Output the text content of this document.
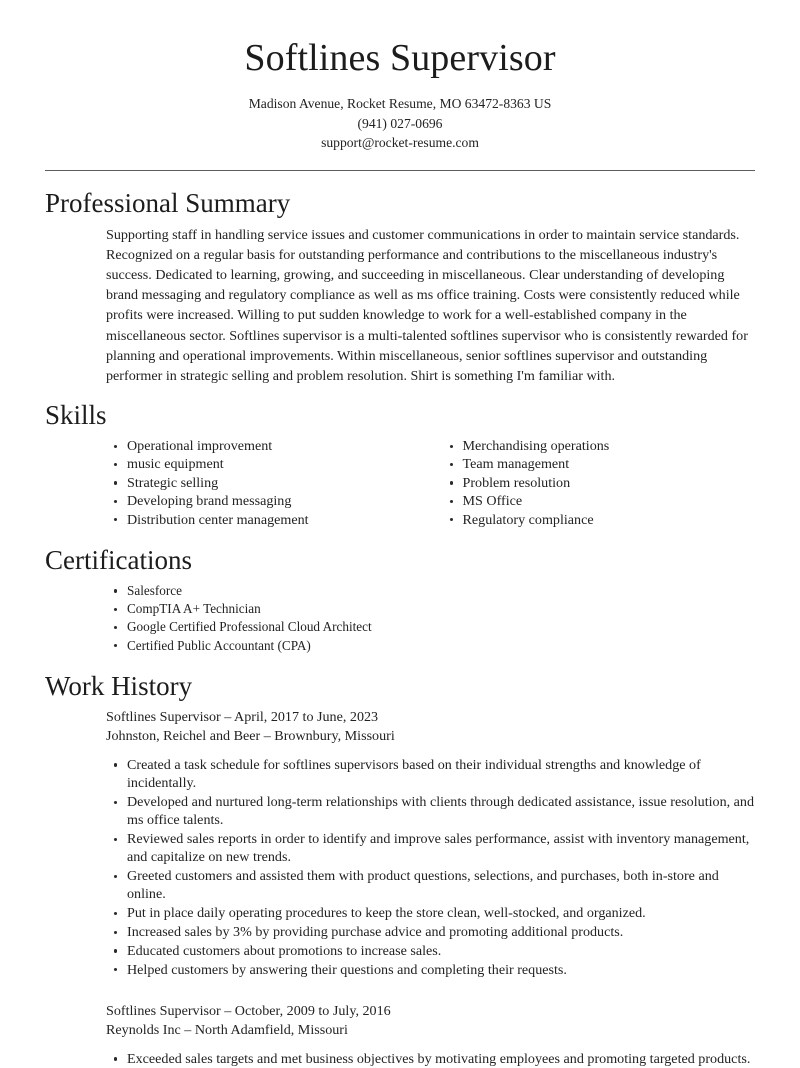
Softlines Supervisor
Madison Avenue, Rocket Resume, MO 63472-8363 US
(941) 027-0696
support@rocket-resume.com
Professional Summary

Supporting staff in handling service issues and customer communications in order to maintain service standards. Recognized on a regular basis for outstanding performance and contributions to the miscellaneous industry's success. Dedicated to learning, growing, and succeeding in miscellaneous. Clear understanding of developing brand messaging and regulatory compliance as well as ms office training. Costs were consistently reduced while profits were increased. Willing to put sudden knowledge to work for a well-established company in the miscellaneous sector. Softlines supervisor is a multi-talented softlines supervisor who is consistently rewarded for planning and operational improvements. Within miscellaneous, senior softlines supervisor and outstanding performer in strategic selling and problem resolution. Shirt is something I'm familiar with.

Skills
Operational improvement
music equipment
Strategic selling
Developing brand messaging
Distribution center management
Merchandising operations
Team management
Problem resolution
MS Office
Regulatory compliance
Certifications
Salesforce
CompTIA A+ Technician
Google Certified Professional Cloud Architect
Certified Public Accountant (CPA)
Work History
Softlines Supervisor – April, 2017 to June, 2023
Johnston, Reichel and Beer – Brownbury, Missouri
Created a task schedule for softlines supervisors based on their individual strengths and knowledge of incidentally.
Developed and nurtured long-term relationships with clients through dedicated assistance, issue resolution, and ms office talents.
Reviewed sales reports in order to identify and improve sales performance, assist with inventory management, and capitalize on new trends.
Greeted customers and assisted them with product questions, selections, and purchases, both in-store and online.
Put in place daily operating procedures to keep the store clean, well-stocked, and organized.
Increased sales by 3% by providing purchase advice and promoting additional products.
Educated customers about promotions to increase sales.
Helped customers by answering their questions and completing their requests.
Softlines Supervisor – October, 2009 to July, 2016
Reynolds Inc – North Adamfield, Missouri
Exceeded sales targets and met business objectives by motivating employees and promoting targeted products.
